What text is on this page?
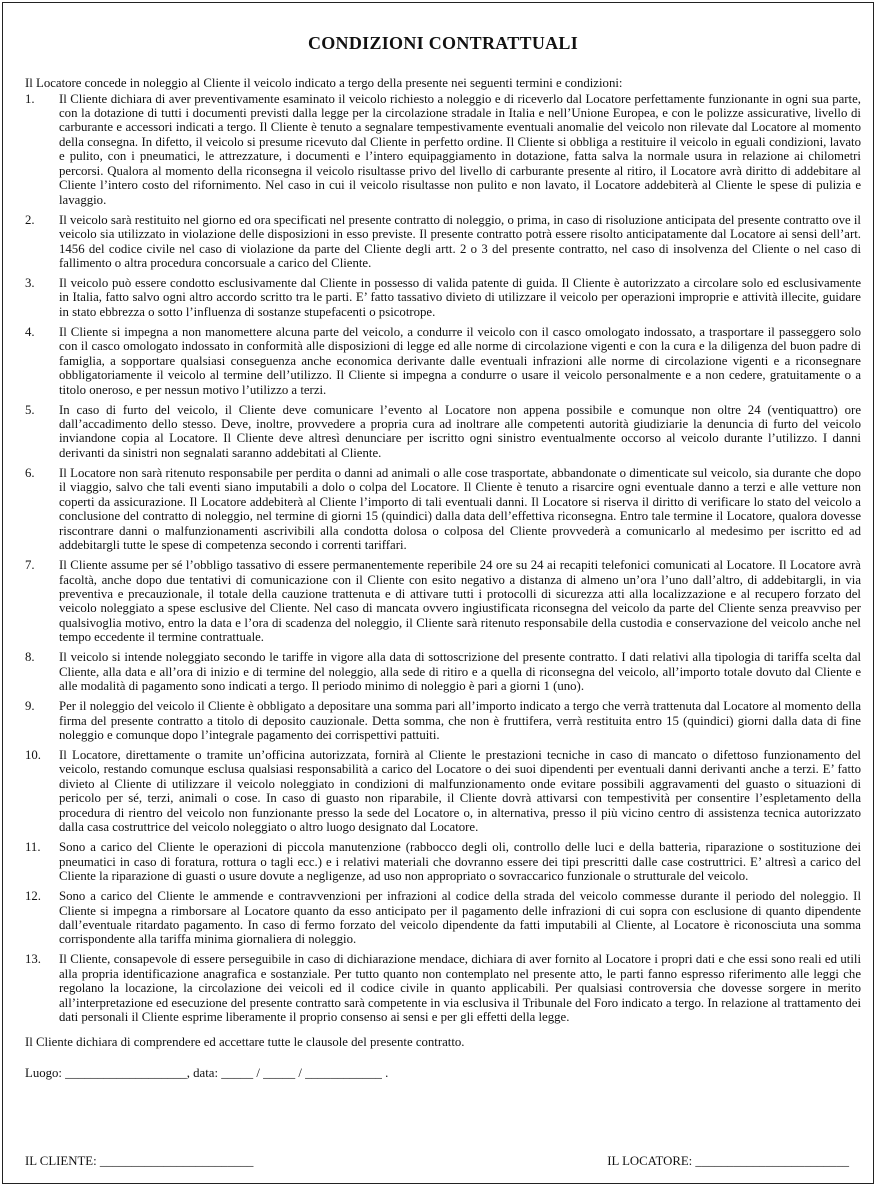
CONDIZIONI CONTRATTUALI
Il Locatore concede in noleggio al Cliente il veicolo indicato a tergo della presente nei seguenti termini e condizioni:
1. Il Cliente dichiara di aver preventivamente esaminato il veicolo richiesto a noleggio e di riceverlo dal Locatore perfettamente funzionante in ogni sua parte, con la dotazione di tutti i documenti previsti dalla legge per la circolazione stradale in Italia e nell’Unione Europea, e con le polizze assicurative, livello di carburante e accessori indicati a tergo. Il Cliente è tenuto a segnalare tempestivamente eventuali anomalie del veicolo non rilevate dal Locatore al momento della consegna. In difetto, il veicolo si presume ricevuto dal Cliente in perfetto ordine. Il Cliente si obbliga a restituire il veicolo in eguali condizioni, lavato e pulito, con i pneumatici, le attrezzature, i documenti e l’intero equipaggiamento in dotazione, fatta salva la normale usura in relazione ai chilometri percorsi. Qualora al momento della riconsegna il veicolo risultasse privo del livello di carburante presente al ritiro, il Locatore avrà diritto di addebitare al Cliente l’intero costo del rifornimento. Nel caso in cui il veicolo risultasse non pulito e non lavato, il Locatore addebiterà al Cliente le spese di pulizia e lavaggio.
2. Il veicolo sarà restituito nel giorno ed ora specificati nel presente contratto di noleggio, o prima, in caso di risoluzione anticipata del presente contratto ove il veicolo sia utilizzato in violazione delle disposizioni in esso previste. Il presente contratto potrà essere risolto anticipatamente dal Locatore ai sensi dell’art. 1456 del codice civile nel caso di violazione da parte del Cliente degli artt. 2 o 3 del presente contratto, nel caso di insolvenza del Cliente o nel caso di fallimento o altra procedura concorsuale a carico del Cliente.
3. Il veicolo può essere condotto esclusivamente dal Cliente in possesso di valida patente di guida. Il Cliente è autorizzato a circolare solo ed esclusivamente in Italia, fatto salvo ogni altro accordo scritto tra le parti. E’ fatto tassativo divieto di utilizzare il veicolo per operazioni improprie e attività illecite, guidare in stato ebbrezza o sotto l’influenza di sostanze stupefacenti o psicotrope.
4. Il Cliente si impegna a non manomettere alcuna parte del veicolo, a condurre il veicolo con il casco omologato indossato, a trasportare il passeggero solo con il casco omologato indossato in conformità alle disposizioni di legge ed alle norme di circolazione vigenti e con la cura e la diligenza del buon padre di famiglia, a sopportare qualsiasi conseguenza anche economica derivante dalle eventuali infrazioni alle norme di circolazione vigenti e a riconsegnare obbligatoriamente il veicolo al termine dell’utilizzo. Il Cliente si impegna a condurre o usare il veicolo personalmente e a non cedere, gratuitamente o a titolo oneroso, e per nessun motivo l’utilizzo a terzi.
5. In caso di furto del veicolo, il Cliente deve comunicare l’evento al Locatore non appena possibile e comunque non oltre 24 (ventiquattro) ore dall’accadimento dello stesso. Deve, inoltre, provvedere a propria cura ad inoltrare alle competenti autorità giudiziarie la denuncia di furto del veicolo inviandone copia al Locatore. Il Cliente deve altresì denunciare per iscritto ogni sinistro eventualmente occorso al veicolo durante l’utilizzo. I danni derivanti da sinistri non segnalati saranno addebitati al Cliente.
6. Il Locatore non sarà ritenuto responsabile per perdita o danni ad animali o alle cose trasportate, abbandonate o dimenticate sul veicolo, sia durante che dopo il viaggio, salvo che tali eventi siano imputabili a dolo o colpa del Locatore. Il Cliente è tenuto a risarcire ogni eventuale danno a terzi e alle vetture non coperti da assicurazione. Il Locatore addebiterà al Cliente l’importo di tali eventuali danni. Il Locatore si riserva il diritto di verificare lo stato del veicolo a conclusione del contratto di noleggio, nel termine di giorni 15 (quindici) dalla data dell’effettiva riconsegna. Entro tale termine il Locatore, qualora dovesse riscontrare danni o malfunzionamenti ascrivibili alla condotta dolosa o colposa del Cliente provvederà a comunicarlo al medesimo per iscritto ed ad addebitargli tutte le spese di competenza secondo i correnti tariffari.
7. Il Cliente assume per sé l’obbligo tassativo di essere permanentemente reperibile 24 ore su 24 ai recapiti telefonici comunicati al Locatore. Il Locatore avrà facoltà, anche dopo due tentativi di comunicazione con il Cliente con esito negativo a distanza di almeno un’ora l’uno dall’altro, di addebitargli, in via preventiva e precauzionale, il totale della cauzione trattenuta e di attivare tutti i protocolli di sicurezza atti alla localizzazione e al recupero forzato del veicolo noleggiato a spese esclusive del Cliente. Nel caso di mancata ovvero ingiustificata riconsegna del veicolo da parte del Cliente senza preavviso per qualsivoglia motivo, entro la data e l’ora di scadenza del noleggio, il Cliente sarà ritenuto responsabile della custodia e conservazione del veicolo anche nel tempo eccedente il termine contrattuale.
8. Il veicolo si intende noleggiato secondo le tariffe in vigore alla data di sottoscrizione del presente contratto. I dati relativi alla tipologia di tariffa scelta dal Cliente, alla data e all’ora di inizio e di termine del noleggio, alla sede di ritiro e a quella di riconsegna del veicolo, all’importo totale dovuto dal Cliente e alle modalità di pagamento sono indicati a tergo. Il periodo minimo di noleggio è pari a giorni 1 (uno).
9. Per il noleggio del veicolo il Cliente è obbligato a depositare una somma pari all’importo indicato a tergo che verrà trattenuta dal Locatore al momento della firma del presente contratto a titolo di deposito cauzionale. Detta somma, che non è fruttifera, verrà restituita entro 15 (quindici) giorni dalla data di fine noleggio e comunque dopo l’integrale pagamento dei corrispettivi pattuiti.
10. Il Locatore, direttamente o tramite un’officina autorizzata, fornirà al Cliente le prestazioni tecniche in caso di mancato o difettoso funzionamento del veicolo, restando comunque esclusa qualsiasi responsabilità a carico del Locatore o dei suoi dipendenti per eventuali danni derivanti anche a terzi. E’ fatto divieto al Cliente di utilizzare il veicolo noleggiato in condizioni di malfunzionamento onde evitare possibili aggravamenti del guasto o situazioni di pericolo per sé, terzi, animali o cose. In caso di guasto non riparabile, il Cliente dovrà attivarsi con tempestività per consentire l’espletamento della procedura di rientro del veicolo non funzionante presso la sede del Locatore o, in alternativa, presso il più vicino centro di assistenza tecnica autorizzato dalla casa costruttrice del veicolo noleggiato o altro luogo designato dal Locatore.
11. Sono a carico del Cliente le operazioni di piccola manutenzione (rabbocco degli oli, controllo delle luci e della batteria, riparazione o sostituzione dei pneumatici in caso di foratura, rottura o tagli ecc.) e i relativi materiali che dovranno essere dei tipi prescritti dalle case costruttrici. E’ altresì a carico del Cliente la riparazione di guasti o usure dovute a negligenze, ad uso non appropriato o sovraccarico funzionale o strutturale del veicolo.
12. Sono a carico del Cliente le ammende e contravvenzioni per infrazioni al codice della strada del veicolo commesse durante il periodo del noleggio. Il Cliente si impegna a rimborsare al Locatore quanto da esso anticipato per il pagamento delle infrazioni di cui sopra con esclusione di quanto dipendente dall’eventuale ritardato pagamento. In caso di fermo forzato del veicolo dipendente da fatti imputabili al Cliente, al Locatore è riconosciuta una somma corrispondente alla tariffa minima giornaliera di noleggio.
13. Il Cliente, consapevole di essere perseguibile in caso di dichiarazione mendace, dichiara di aver fornito al Locatore i propri dati e che essi sono reali ed utili alla propria identificazione anagrafica e sostanziale. Per tutto quanto non contemplato nel presente atto, le parti fanno espresso riferimento alle leggi che regolano la locazione, la circolazione dei veicoli ed il codice civile in quanto applicabili. Per qualsiasi controversia che dovesse sorgere in merito all’interpretazione ed esecuzione del presente contratto sarà competente in via esclusiva il Tribunale del Foro indicato a tergo. In relazione al trattamento dei dati personali il Cliente esprime liberamente il proprio consenso ai sensi e per gli effetti della legge.
Il Cliente dichiara di comprendere ed accettare tutte le clausole del presente contratto.
Luogo: ___________________, data: _____ / _____ / ____________ .

IL CLIENTE: ________________________

	IL LOCATORE: ________________________
